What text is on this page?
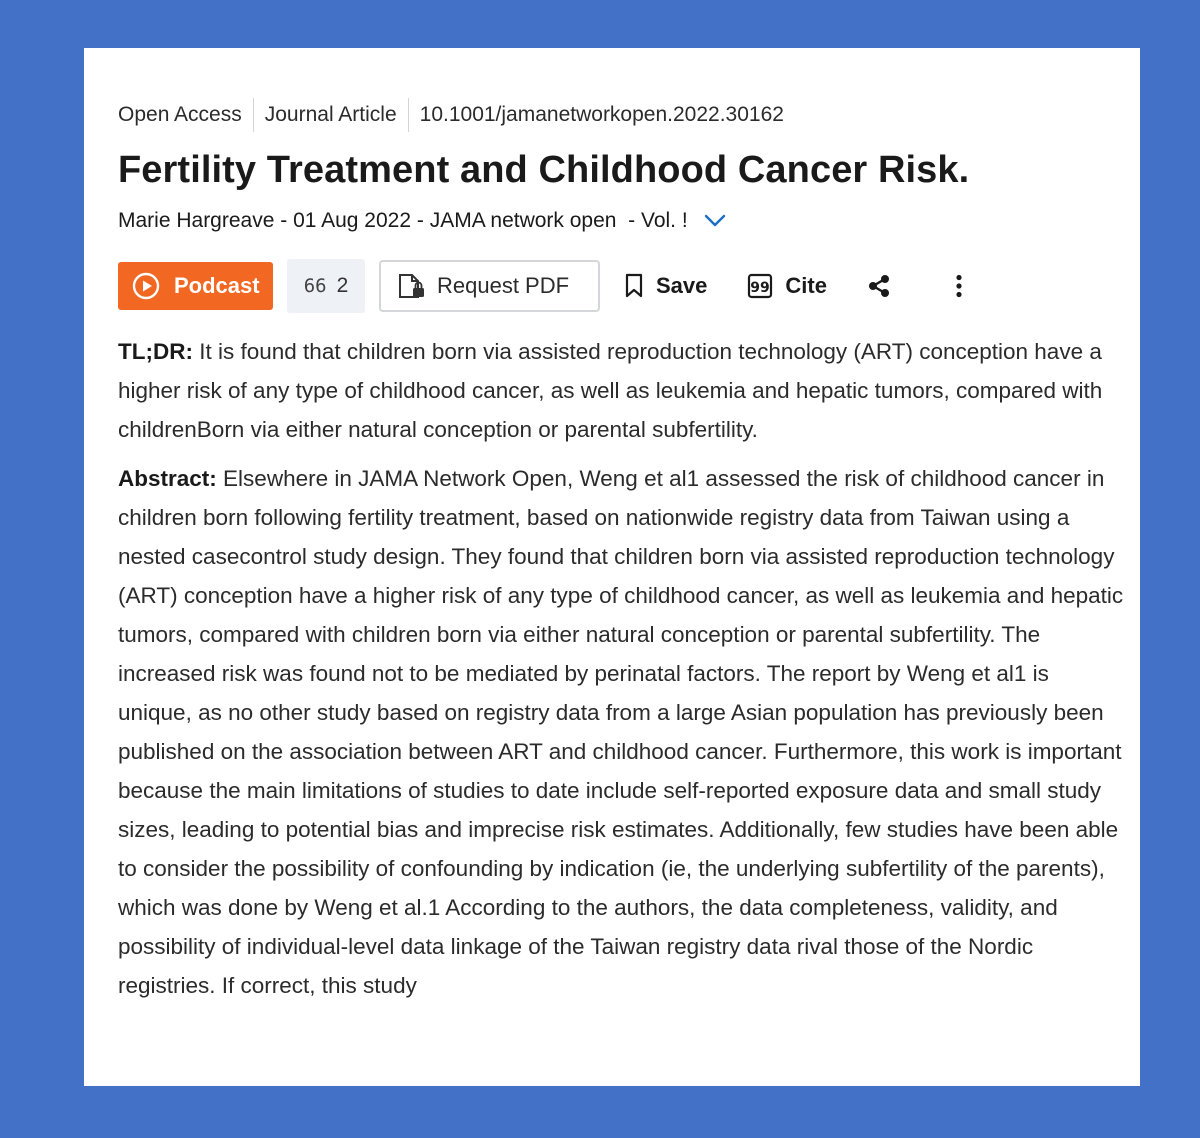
Open Access Journal Article 10.1001/jamanetworkopen.2022.30162
Fertility Treatment and Childhood Cancer Risk.
Marie Hargreave - 01 Aug 2022 - JAMA network open
- Vol. !
Podcast 66 2	Request PDF	Save	99 Cite

TL;DR: It is found that children born via assisted reproduction technology (ART) conception have a higher risk of any type of childhood cancer, as well as leukemia and hepatic tumors, compared with childrenBorn via either natural conception or parental subfertility.

Abstract: Elsewhere in JAMA Network Open, Weng et al1 assessed the risk of childhood cancer in children born following fertility treatment, based on nationwide registry data from Taiwan using a nested casecontrol study design. They found that children born via assisted reproduction technology (ART) conception have a higher risk of any type of childhood cancer, as well as leukemia and hepatic tumors, compared with children born via either natural conception or parental subfertility. The increased risk was found not to be mediated by perinatal factors. The report by Weng et al1 is unique, as no other study based on registry data from a large Asian population has previously been published on the association between ART and childhood cancer. Furthermore, this work is important because the main limitations of studies to date include self-reported exposure data and small study sizes, leading to potential bias and imprecise risk estimates. Additionally, few studies have been able to consider the possibility of confounding by indication (ie, the underlying subfertility of the parents), which was done by Weng et al.1 According to the authors, the data completeness, validity, and possibility of individual-level data linkage of the Taiwan registry data rival those of the Nordic registries. If correct, this study
